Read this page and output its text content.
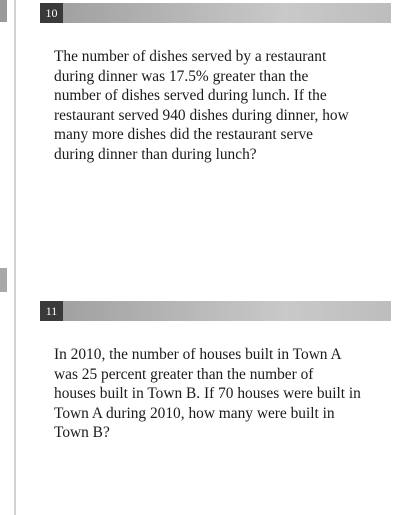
10

The number of dishes served by a restaurant
during dinner was 17.5% greater than the
number of dishes served during lunch. If the
restaurant served 940 dishes during dinner, how
many more dishes did the restaurant serve
during dinner than during lunch?

11

In 2010, the number of houses built in Town A
was 25 percent greater than the number of
houses built in Town B. If 70 houses were built in
Town A during 2010, how many were built in
Town B?
